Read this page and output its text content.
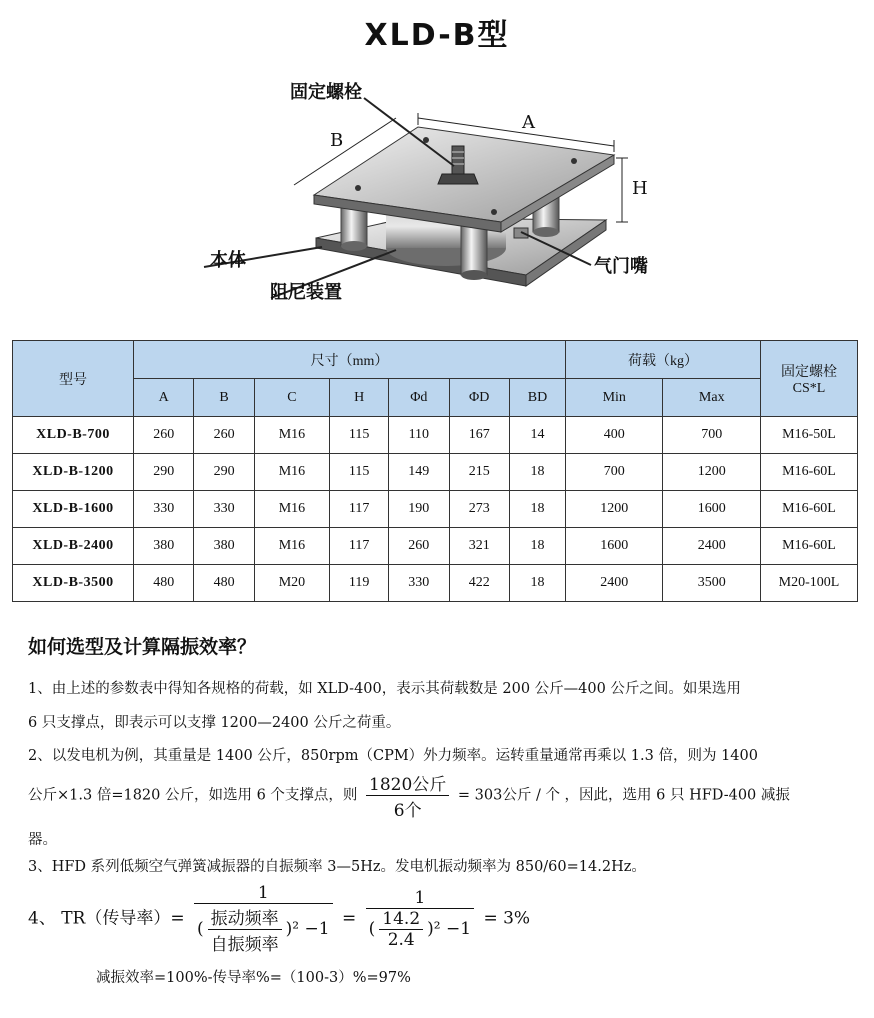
XLD-B型
固定螺栓
A
B
H
本体	气门嘴
阻尼装置
型号	尺寸（mm）							荷载（kg）		固定螺栓
CS*L

	A	B	C	H	Φd	ΦD	BD	Min	Max	
XLD-B-700	260	260	M16	115	110	167	14	400	700	M16-50L
XLD-B-1200	290	290	M16	115	149	215	18	700	1200	M16-60L
XLD-B-1600	330	330	M16	117	190	273	18	1200	1600	M16-60L
XLD-B-2400	380	380	M16	117	260	321	18	1600	2400	M16-60L
XLD-B-3500	480	480	M20	119	330	422	18	2400	3500	M20-100L
如何选型及计算隔振效率？
1、由上述的参数表中得知各规格的荷载，如 XLD-400，表示其荷载数是 200 公斤—400 公斤之间。如果选用
6 只支撑点，即表示可以支撑 1200—2400 公斤之荷重。
2、以发电机为例，其重量是 1400 公斤，850rpm（CPM）外力频率。运转重量通常再乘以 1.3 倍，则为 1400
公斤×1.3 倍=1820 公斤，如选用 6 个支撑点，则 $\frac{\text{1820公斤}}{\text{6个}} = 303$公斤 / 个 ，因此，选用 6 只 HFD-400 减振
器。
3、HFD 系列低频空气弹簧减振器的自振频率 3—5Hz。发电机振动频率为 850/60=14.2Hz。
4、 TR（传导率）= $\frac{1}{( \frac{\text{振动频率}}{\text{自振频率}} )^2 -1} = \frac{1}{( \frac{14.2}{2.4} )^2 -1} = 3\%$
减振效率=100%-传导率%=（100-3）%=97%
